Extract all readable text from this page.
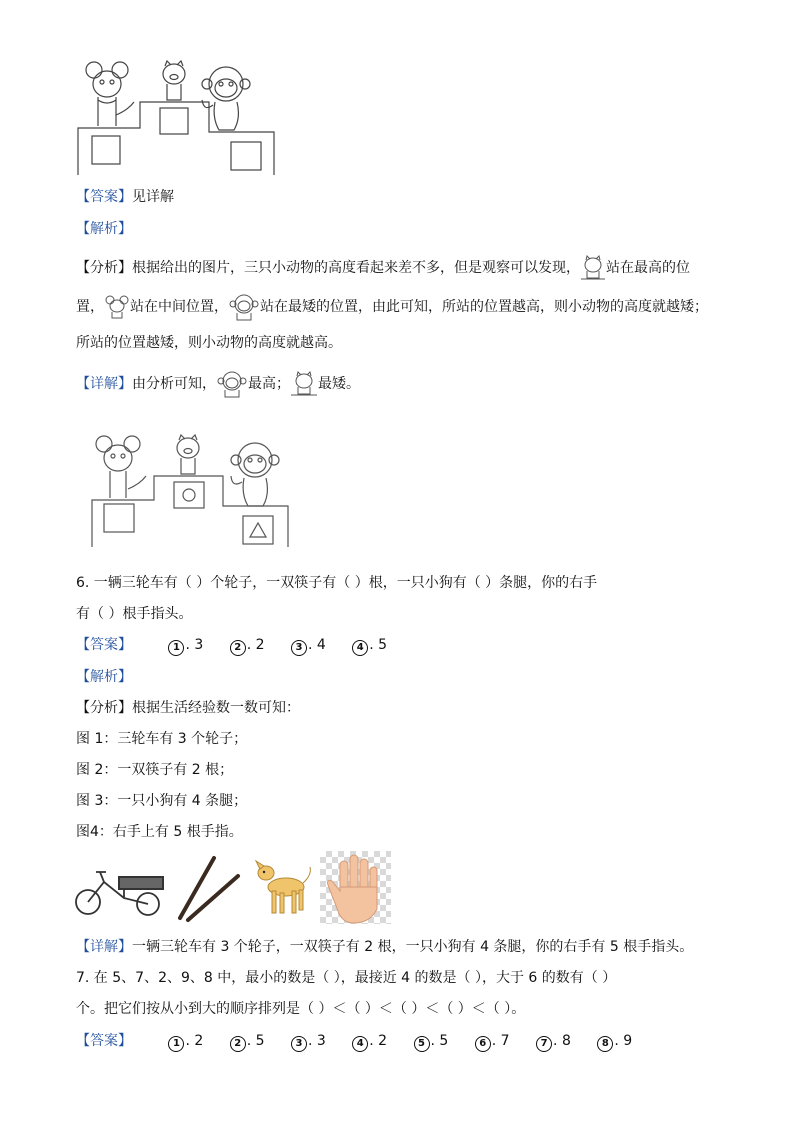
【答案】见详解
【解析】
【分析】根据给出的图片，三只小动物的高度看起来差不多，但是观察可以发现， 站在最高的位
置， 站在中间位置， 站在最矮的位置，由此可知，所站的位置越高，则小动物的高度就越矮；
所站的位置越矮，则小动物的高度就越高。
【详解】由分析可知， 最高； 最矮。
6. 一辆三轮车有（ ）个轮子，一双筷子有（ ）根，一只小狗有（ ）条腿，你的右手
有（ ）根手指头。
【答案】	1 . 3	2 . 2	3 . 4	4 . 5
【解析】
【分析】根据生活经验数一数可知：
图 1：三轮车有 3 个轮子；
图 2：一双筷子有 2 根；
图 3：一只小狗有 4 条腿；
图4：右手上有 5 根手指。
【详解】一辆三轮车有 3 个轮子，一双筷子有 2 根，一只小狗有 4 条腿，你的右手有 5 根手指头。
7. 在 5、7、2、9、8 中，最小的数是（ ），最接近 4 的数是（ ），大于 6 的数有（ ）
个。把它们按从小到大的顺序排列是（ ）＜（ ）＜（ ）＜（ ）＜（ ）。
【答案】	1 . 2	2 . 5	3 . 3	4 . 2	5 . 5	6 . 7	7 . 8	8 . 9
